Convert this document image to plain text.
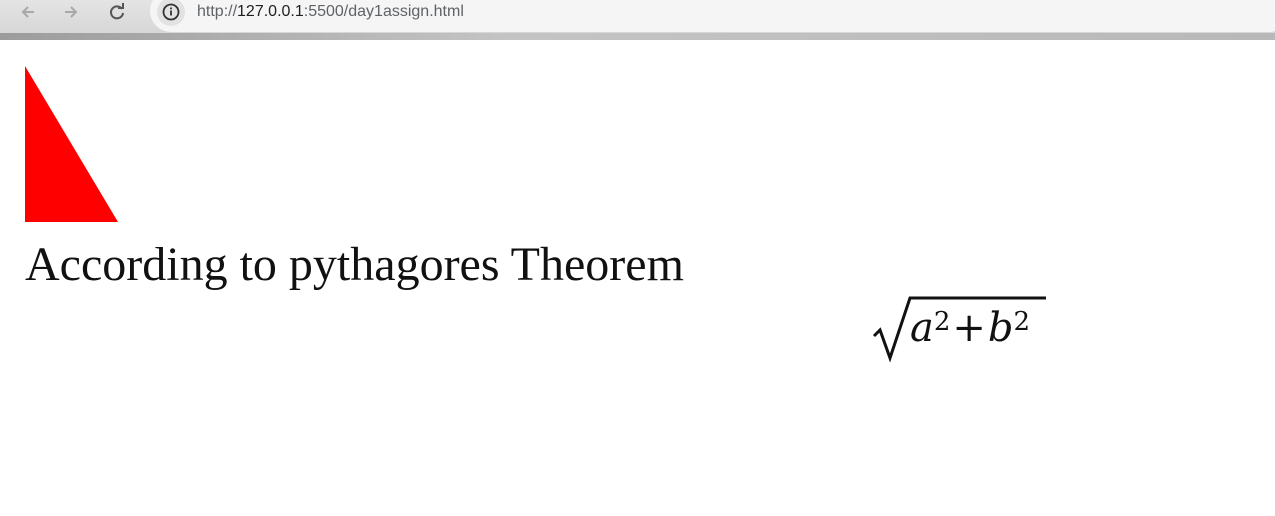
http://127.0.0.1:5500/day1assign.html
According to pythagores Theorem
$a^2+b^2$
